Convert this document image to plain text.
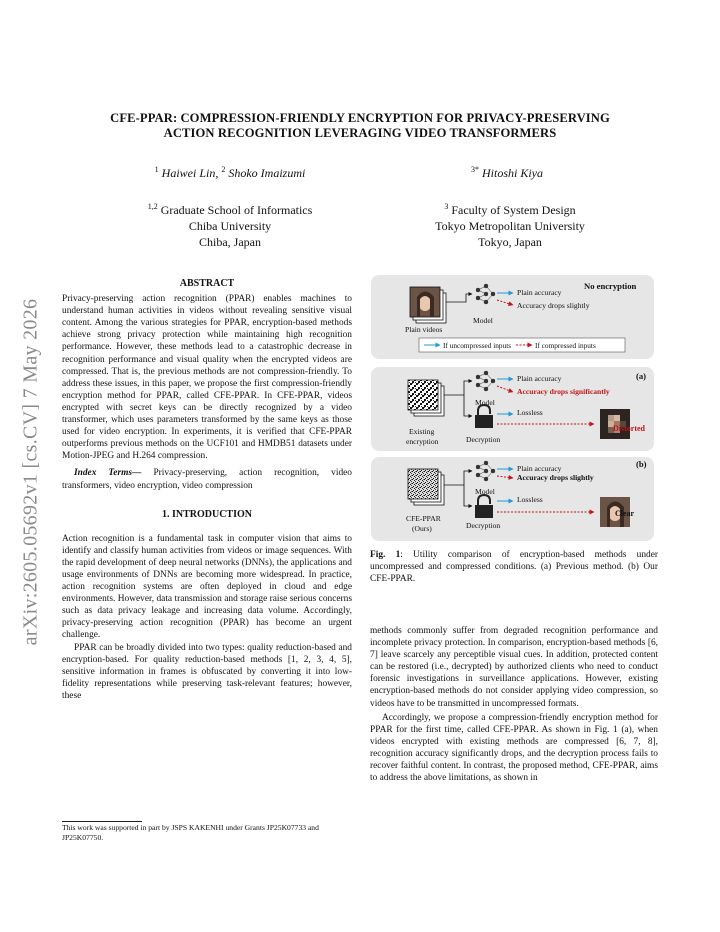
arXiv:2605.05692v1 [cs.CV] 7 May 2026
CFE-PPAR: COMPRESSION-FRIENDLY ENCRYPTION FOR PRIVACY-PRESERVING
ACTION RECOGNITION LEVERAGING VIDEO TRANSFORMERS
$^1$ Haiwei Lin, $^2$ Shoko Imaizumi	$^{3*}$ Hitoshi Kiya
$^{1,2}$ Graduate School of Informatics
Chiba University
Chiba, Japan
$^3$ Faculty of System Design
Tokyo Metropolitan University
Tokyo, Japan
ABSTRACT

Privacy-preserving action recognition (PPAR) enables machines to understand human activities in videos without revealing sensitive visual content. Among the various strategies for PPAR, encryption-based methods achieve strong privacy protection while maintaining high recognition performance. However, these methods lead to a catastrophic decrease in recognition performance and visual quality when the encrypted videos are compressed. That is, the previous methods are not compression-friendly. To address these issues, in this paper, we propose the first compression-friendly encryption method for PPAR, called CFE-PPAR. In CFE-PPAR, videos encrypted with secret keys can be directly recognized by a video transformer, which uses parameters transformed by the same keys as those used for video encryption. In experiments, it is verified that CFE-PPAR outperforms previous methods on the UCF101 and HMDB51 datasets under Motion-JPEG and H.264 compression.

Index Terms— Privacy-preserving, action recognition, video transformers, video encryption, video compression

1. INTRODUCTION

Action recognition is a fundamental task in computer vision that aims to identify and classify human activities from videos or image sequences. With the rapid development of deep neural networks (DNNs), the applications and usage environments of DNNs are becoming more widespread. In practice, action recognition systems are often deployed in cloud and edge environments. However, data transmission and storage raise serious concerns such as data privacy leakage and increasing data volume. Accordingly, privacy-preserving action recognition (PPAR) has become an urgent challenge.

PPAR can be broadly divided into two types: quality reduction-based and encryption-based. For quality reduction-based methods [1, 2, 3, 4, 5], sensitive information in frames is obfuscated by converting it into low-fidelity representations while preserving task-relevant features; however, these

This work was supported in part by JSPS KAKENHI under Grants JP25K07733 and JP25K07750.
No encryption
Plain videos
Model
Plain accuracy
Accuracy drops slightly
If uncompressed inputs	If compressed inputs
(a)
Plain accuracy
Accuracy drops significantly
Model
Lossless
Existing
encryption	Decryption
Distorted
(b)
Plain accuracy
Accuracy drops slightly
Model
Lossless
CFE-PPAR
(Ours)	Decryption
Clear
Fig. 1: Utility comparison of encryption-based methods under uncompressed and compressed conditions. (a) Previous method. (b) Our CFE-PPAR.

methods commonly suffer from degraded recognition performance and incomplete privacy protection. In comparison, encryption-based methods [6, 7] leave scarcely any perceptible visual cues. In addition, protected content can be restored (i.e., decrypted) by authorized clients who need to conduct forensic investigations in surveillance applications. However, existing encryption-based methods do not consider applying video compression, so videos have to be transmitted in uncompressed formats.

Accordingly, we propose a compression-friendly encryption method for PPAR for the first time, called CFE-PPAR. As shown in Fig. 1 (a), when videos encrypted with existing methods are compressed [6, 7, 8], recognition accuracy significantly drops, and the decryption process fails to recover faithful content. In contrast, the proposed method, CFE-PPAR, aims to address the above limitations, as shown in
